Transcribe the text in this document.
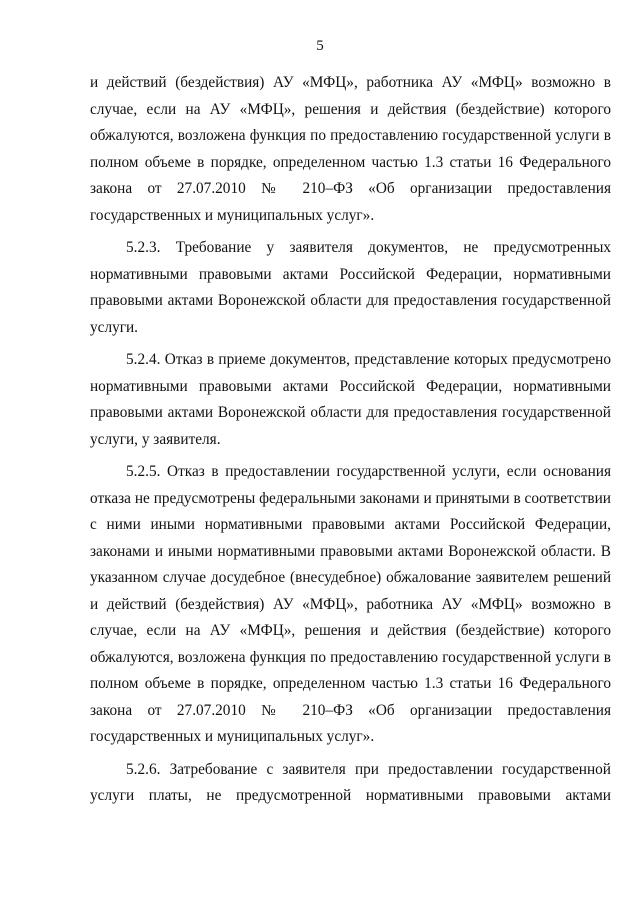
5

и действий (бездействия) АУ «МФЦ», работника АУ «МФЦ» возможно в случае, если на АУ «МФЦ», решения и действия (бездействие) которого обжалуются, возложена функция по предоставлению государственной услуги в полном объеме в порядке, определенном частью 1.3 статьи 16 Федерального закона от 27.07.2010 № 210–ФЗ «Об организации предоставления государственных и муниципальных услуг».

5.2.3. Требование у заявителя документов, не предусмотренных нормативными правовыми актами Российской Федерации, нормативными правовыми актами Воронежской области для предоставления государственной услуги.

5.2.4. Отказ в приеме документов, представление которых предусмотрено нормативными правовыми актами Российской Федерации, нормативными правовыми актами Воронежской области для предоставления государственной услуги, у заявителя.

5.2.5. Отказ в предоставлении государственной услуги, если основания отказа не предусмотрены федеральными законами и принятыми в соответствии с ними иными нормативными правовыми актами Российской Федерации, законами и иными нормативными правовыми актами Воронежской области. В указанном случае досудебное (внесудебное) обжалование заявителем решений и действий (бездействия) АУ «МФЦ», работника АУ «МФЦ» возможно в случае, если на АУ «МФЦ», решения и действия (бездействие) которого обжалуются, возложена функция по предоставлению государственной услуги в полном объеме в порядке, определенном частью 1.3 статьи 16 Федерального закона от 27.07.2010 № 210–ФЗ «Об организации предоставления государственных и муниципальных услуг».

5.2.6. Затребование с заявителя при предоставлении государственной услуги платы, не предусмотренной нормативными правовыми актами
